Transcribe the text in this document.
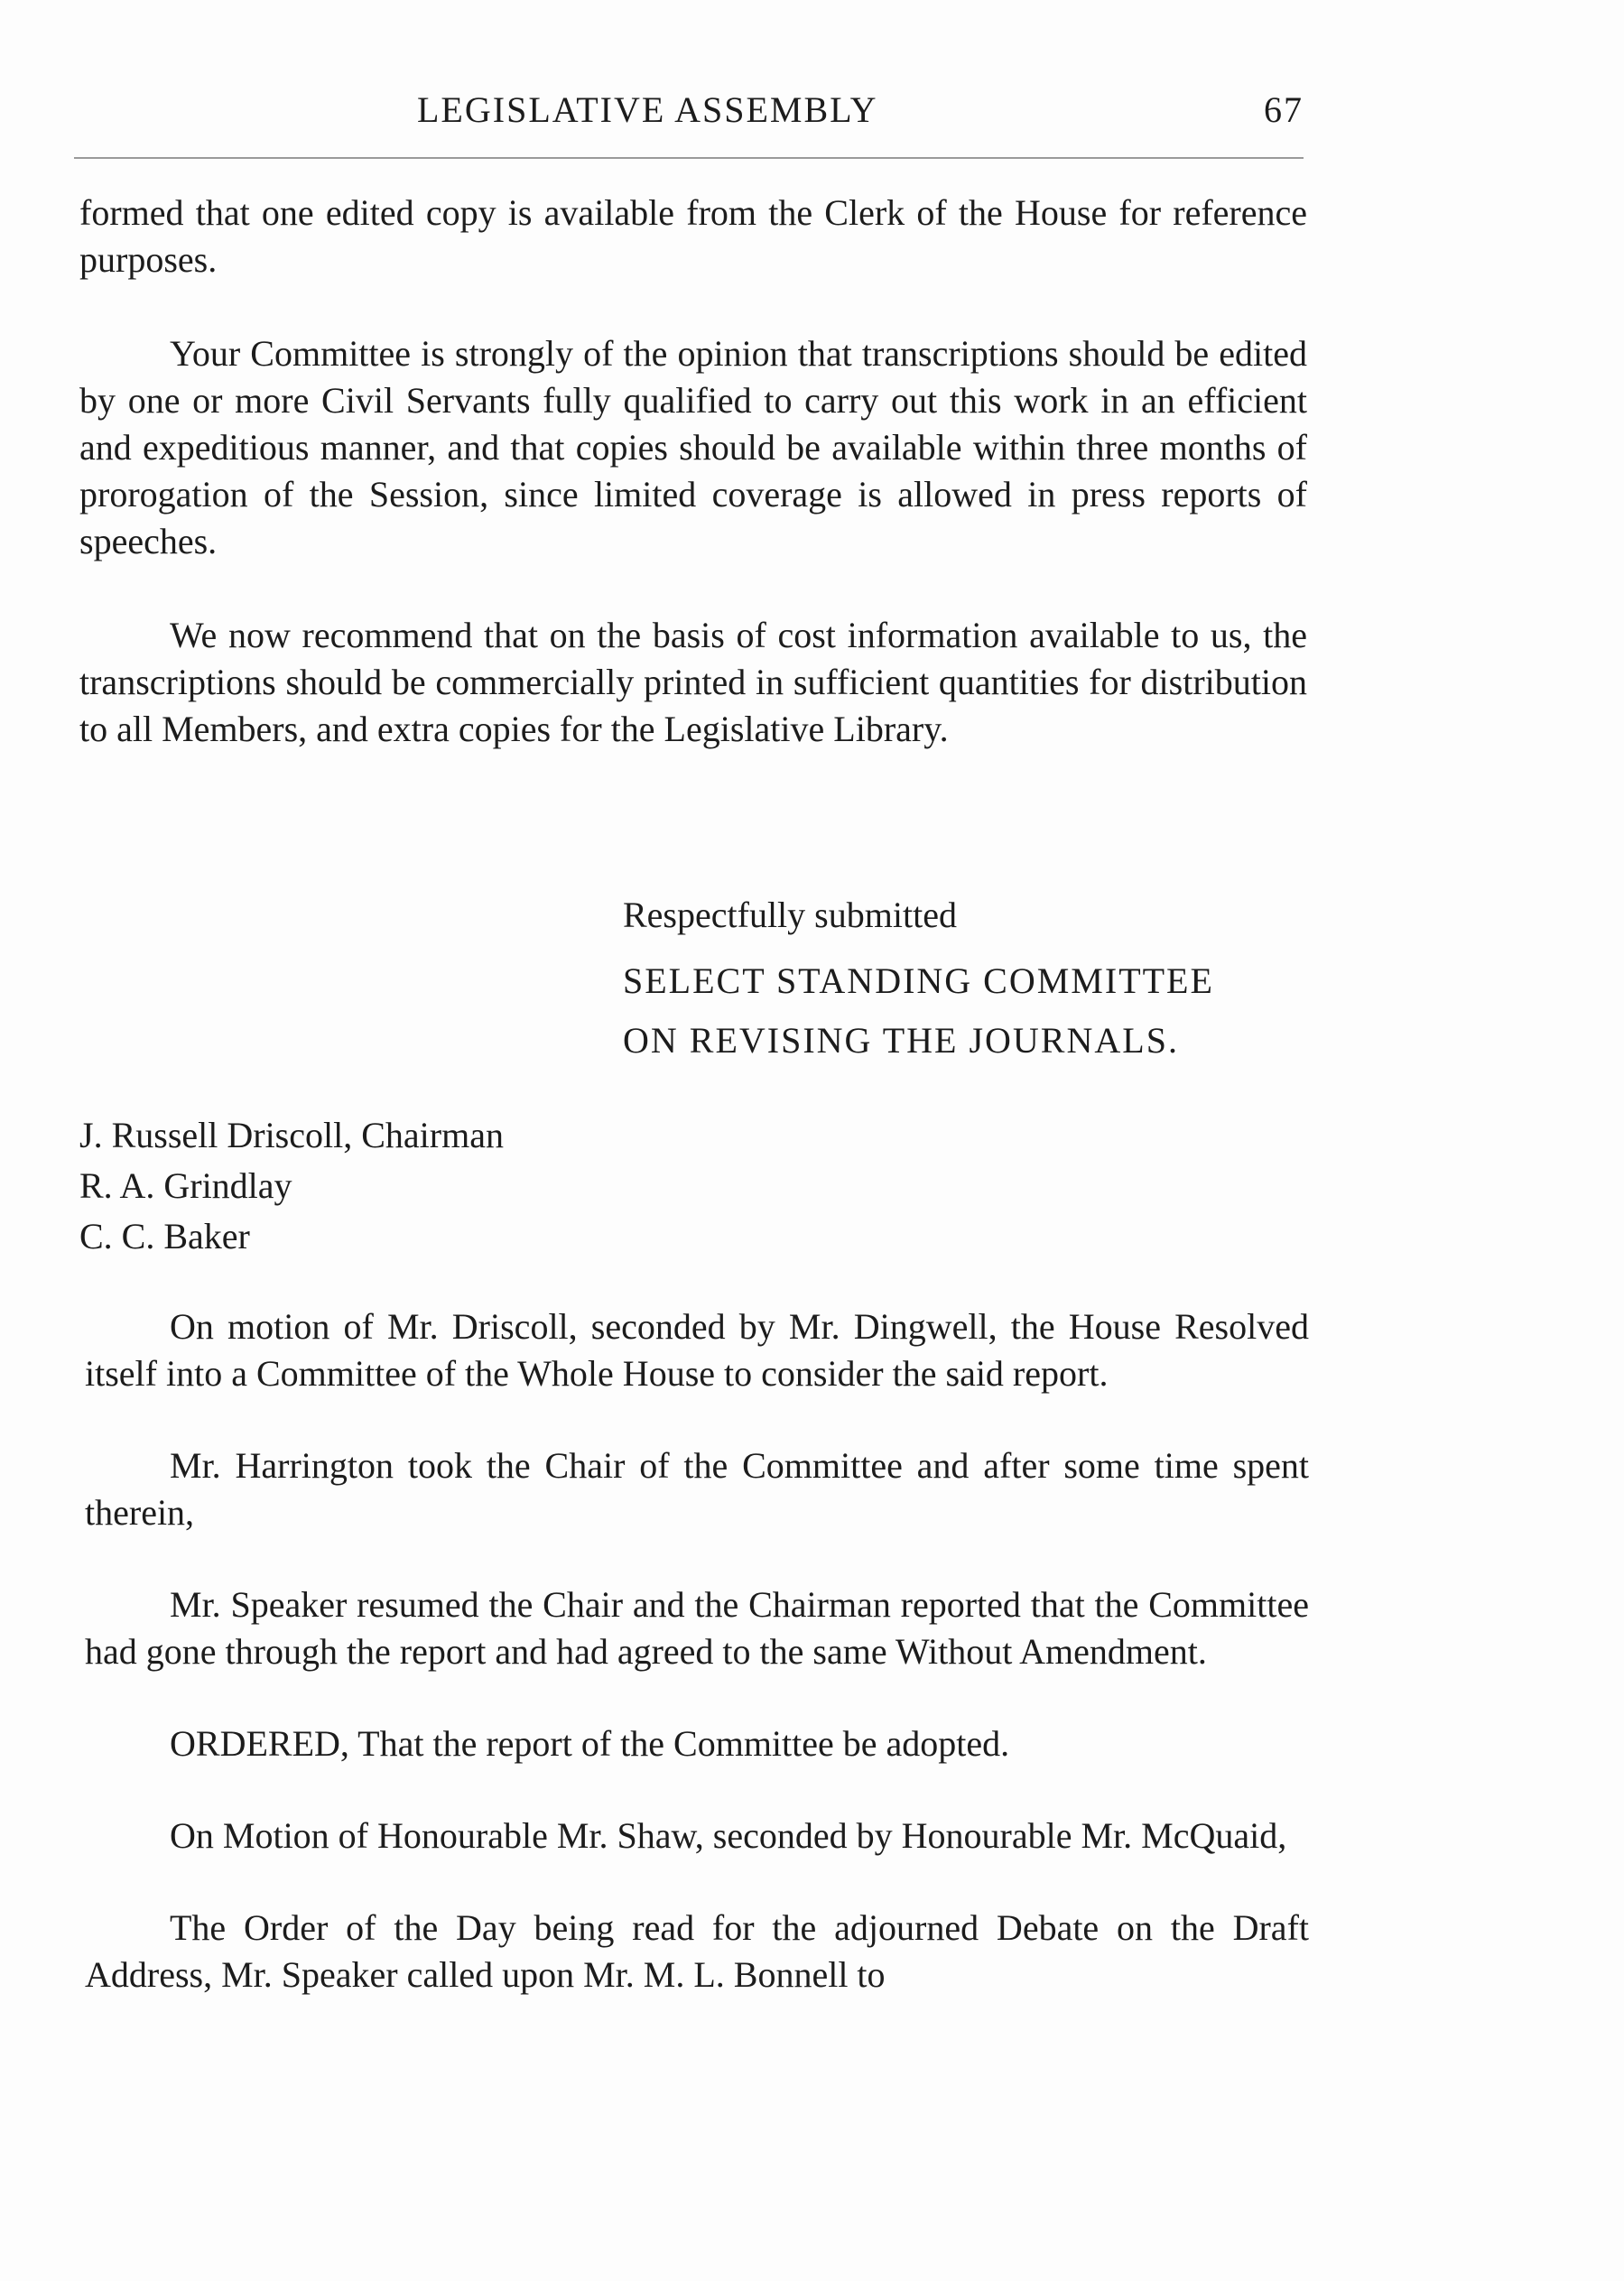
LEGISLATIVE ASSEMBLY	67

formed that one edited copy is available from the Clerk of the House for reference purposes.

Your Committee is strongly of the opinion that transcriptions should be edited by one or more Civil Servants fully qualified to carry out this work in an efficient and expeditious manner, and that copies should be available within three months of prorogation of the Session, since limited coverage is allowed in press reports of speeches.

We now recommend that on the basis of cost information available to us, the transcriptions should be commercially printed in sufficient quantities for distribution to all Members, and extra copies for the Legislative Library.

Respectfully submitted

SELECT STANDING COMMITTEE

ON REVISING THE JOURNALS.

J. Russell Driscoll, Chairman
R. A. Grindlay
C. C. Baker

On motion of Mr. Driscoll, seconded by Mr. Dingwell, the House Resolved itself into a Committee of the Whole House to consider the said report.

Mr. Harrington took the Chair of the Committee and after some time spent therein,

Mr. Speaker resumed the Chair and the Chairman reported that the Committee had gone through the report and had agreed to the same Without Amendment.

ORDERED, That the report of the Committee be adopted.

On Motion of Honourable Mr. Shaw, seconded by Honourable Mr. McQuaid,

The Order of the Day being read for the adjourned Debate on the Draft Address, Mr. Speaker called upon Mr. M. L. Bonnell to
